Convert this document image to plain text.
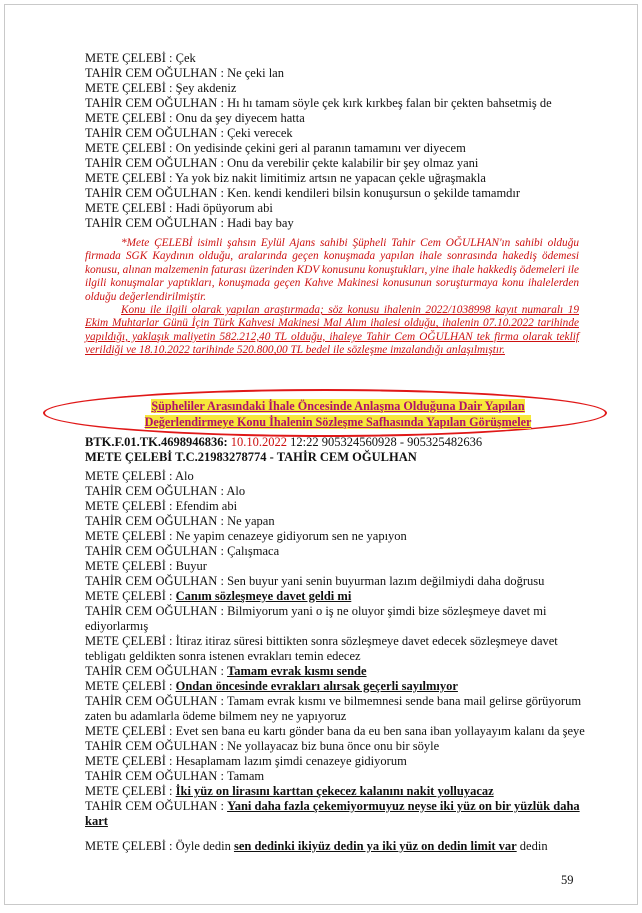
METE ÇELEBİ : Çek
TAHİR CEM OĞULHAN : Ne çeki lan
METE ÇELEBİ : Şey akdeniz
TAHİR CEM OĞULHAN : Hı hı tamam söyle çek kırk kırkbeş falan bir çekten bahsetmiş de
METE ÇELEBİ : Onu da şey diyecem hatta
TAHİR CEM OĞULHAN : Çeki verecek
METE ÇELEBİ : On yedisinde çekini geri al paranın tamamını ver diyecem
TAHİR CEM OĞULHAN : Onu da verebilir çekte kalabilir bir şey olmaz yani
METE ÇELEBİ : Ya yok biz nakit limitimiz artsın ne yapacan çekle uğraşmakla
TAHİR CEM OĞULHAN : Ken. kendi kendileri bilsin konuşursun o şekilde tamamdır
METE ÇELEBİ : Hadi öpüyorum abi
TAHİR CEM OĞULHAN : Hadi bay bay

*Mete ÇELEBİ isimli şahsın Eylül Ajans sahibi Şüpheli Tahir Cem OĞULHAN'ın sahibi olduğu firmada SGK Kaydının olduğu, aralarında geçen konuşmada yapılan ihale sonrasında hakediş ödemesi konusu, alınan malzemenin faturası üzerinden KDV konusunu konuştukları, yine ihale hakkediş ödemeleri ile ilgili konuşmalar yaptıkları, konuşmada geçen Kahve Makinesi konusunun soruşturmaya konu ihalelerden olduğu değerlendirilmiştir.

Konu ile ilgili olarak yapılan araştırmada; söz konusu ihalenin 2022/1038998 kayıt numaralı 19 Ekim Muhtarlar Günü İçin Türk Kahvesi Makinesi Mal Alım ihalesi olduğu, ihalenin 07.10.2022 tarihinde yapıldığı, yaklaşık maliyetin 582.212,40 TL olduğu, ihaleye Tahir Cem OĞULHAN tek firma olarak teklif verildiği ve 18.10.2022 tarihinde 520.800,00 TL bedel ile sözleşme imzalandığı anlaşılmıştır.

Şüpheliler Arasındaki İhale Öncesinde Anlaşma Olduğuna Dair Yapılan
Değerlendirmeye Konu İhalenin Sözleşme Safhasında Yapılan Görüşmeler
BTK.F.01.TK.4698946836: 10.10.2022 12:22 905324560928 - 905325482636
METE ÇELEBİ T.C.21983278774 - TAHİR CEM OĞULHAN
METE ÇELEBİ : Alo
TAHİR CEM OĞULHAN : Alo
METE ÇELEBİ : Efendim abi
TAHİR CEM OĞULHAN : Ne yapan
METE ÇELEBİ : Ne yapim cenazeye gidiyorum sen ne yapıyon
TAHİR CEM OĞULHAN : Çalışmaca
METE ÇELEBİ : Buyur
TAHİR CEM OĞULHAN : Sen buyur yani senin buyurman lazım değilmiydi daha doğrusu
METE ÇELEBİ : Canım sözleşmeye davet geldi mi
TAHİR CEM OĞULHAN : Bilmiyorum yani o iş ne oluyor şimdi bize sözleşmeye davet mi ediyorlarmış
METE ÇELEBİ : İtiraz itiraz süresi bittikten sonra sözleşmeye davet edecek sözleşmeye davet tebligatı geldikten sonra istenen evrakları temin edecez
TAHİR CEM OĞULHAN : Tamam evrak kısmı sende
METE ÇELEBİ : Ondan öncesinde evrakları alırsak geçerli sayılmıyor
TAHİR CEM OĞULHAN : Tamam evrak kısmı ve bilmemnesi sende bana mail gelirse görüyorum zaten bu adamlarla ödeme bilmem ney ne yapıyoruz
METE ÇELEBİ : Evet sen bana eu kartı gönder bana da eu ben sana iban yollayayım kalanı da şeye
TAHİR CEM OĞULHAN : Ne yollayacaz biz buna önce onu bir söyle
METE ÇELEBİ : Hesaplamam lazım şimdi cenazeye gidiyorum
TAHİR CEM OĞULHAN : Tamam
METE ÇELEBİ : İki yüz on lirasını karttan çekecez kalanını nakit yolluyacaz
TAHİR CEM OĞULHAN : Yani daha fazla çekemiyormuyuz neyse iki yüz on bir yüzlük daha kart
METE ÇELEBİ : Öyle dedin sen dedinki ikiyüz dedin ya iki yüz on dedin limit var dedin
59
